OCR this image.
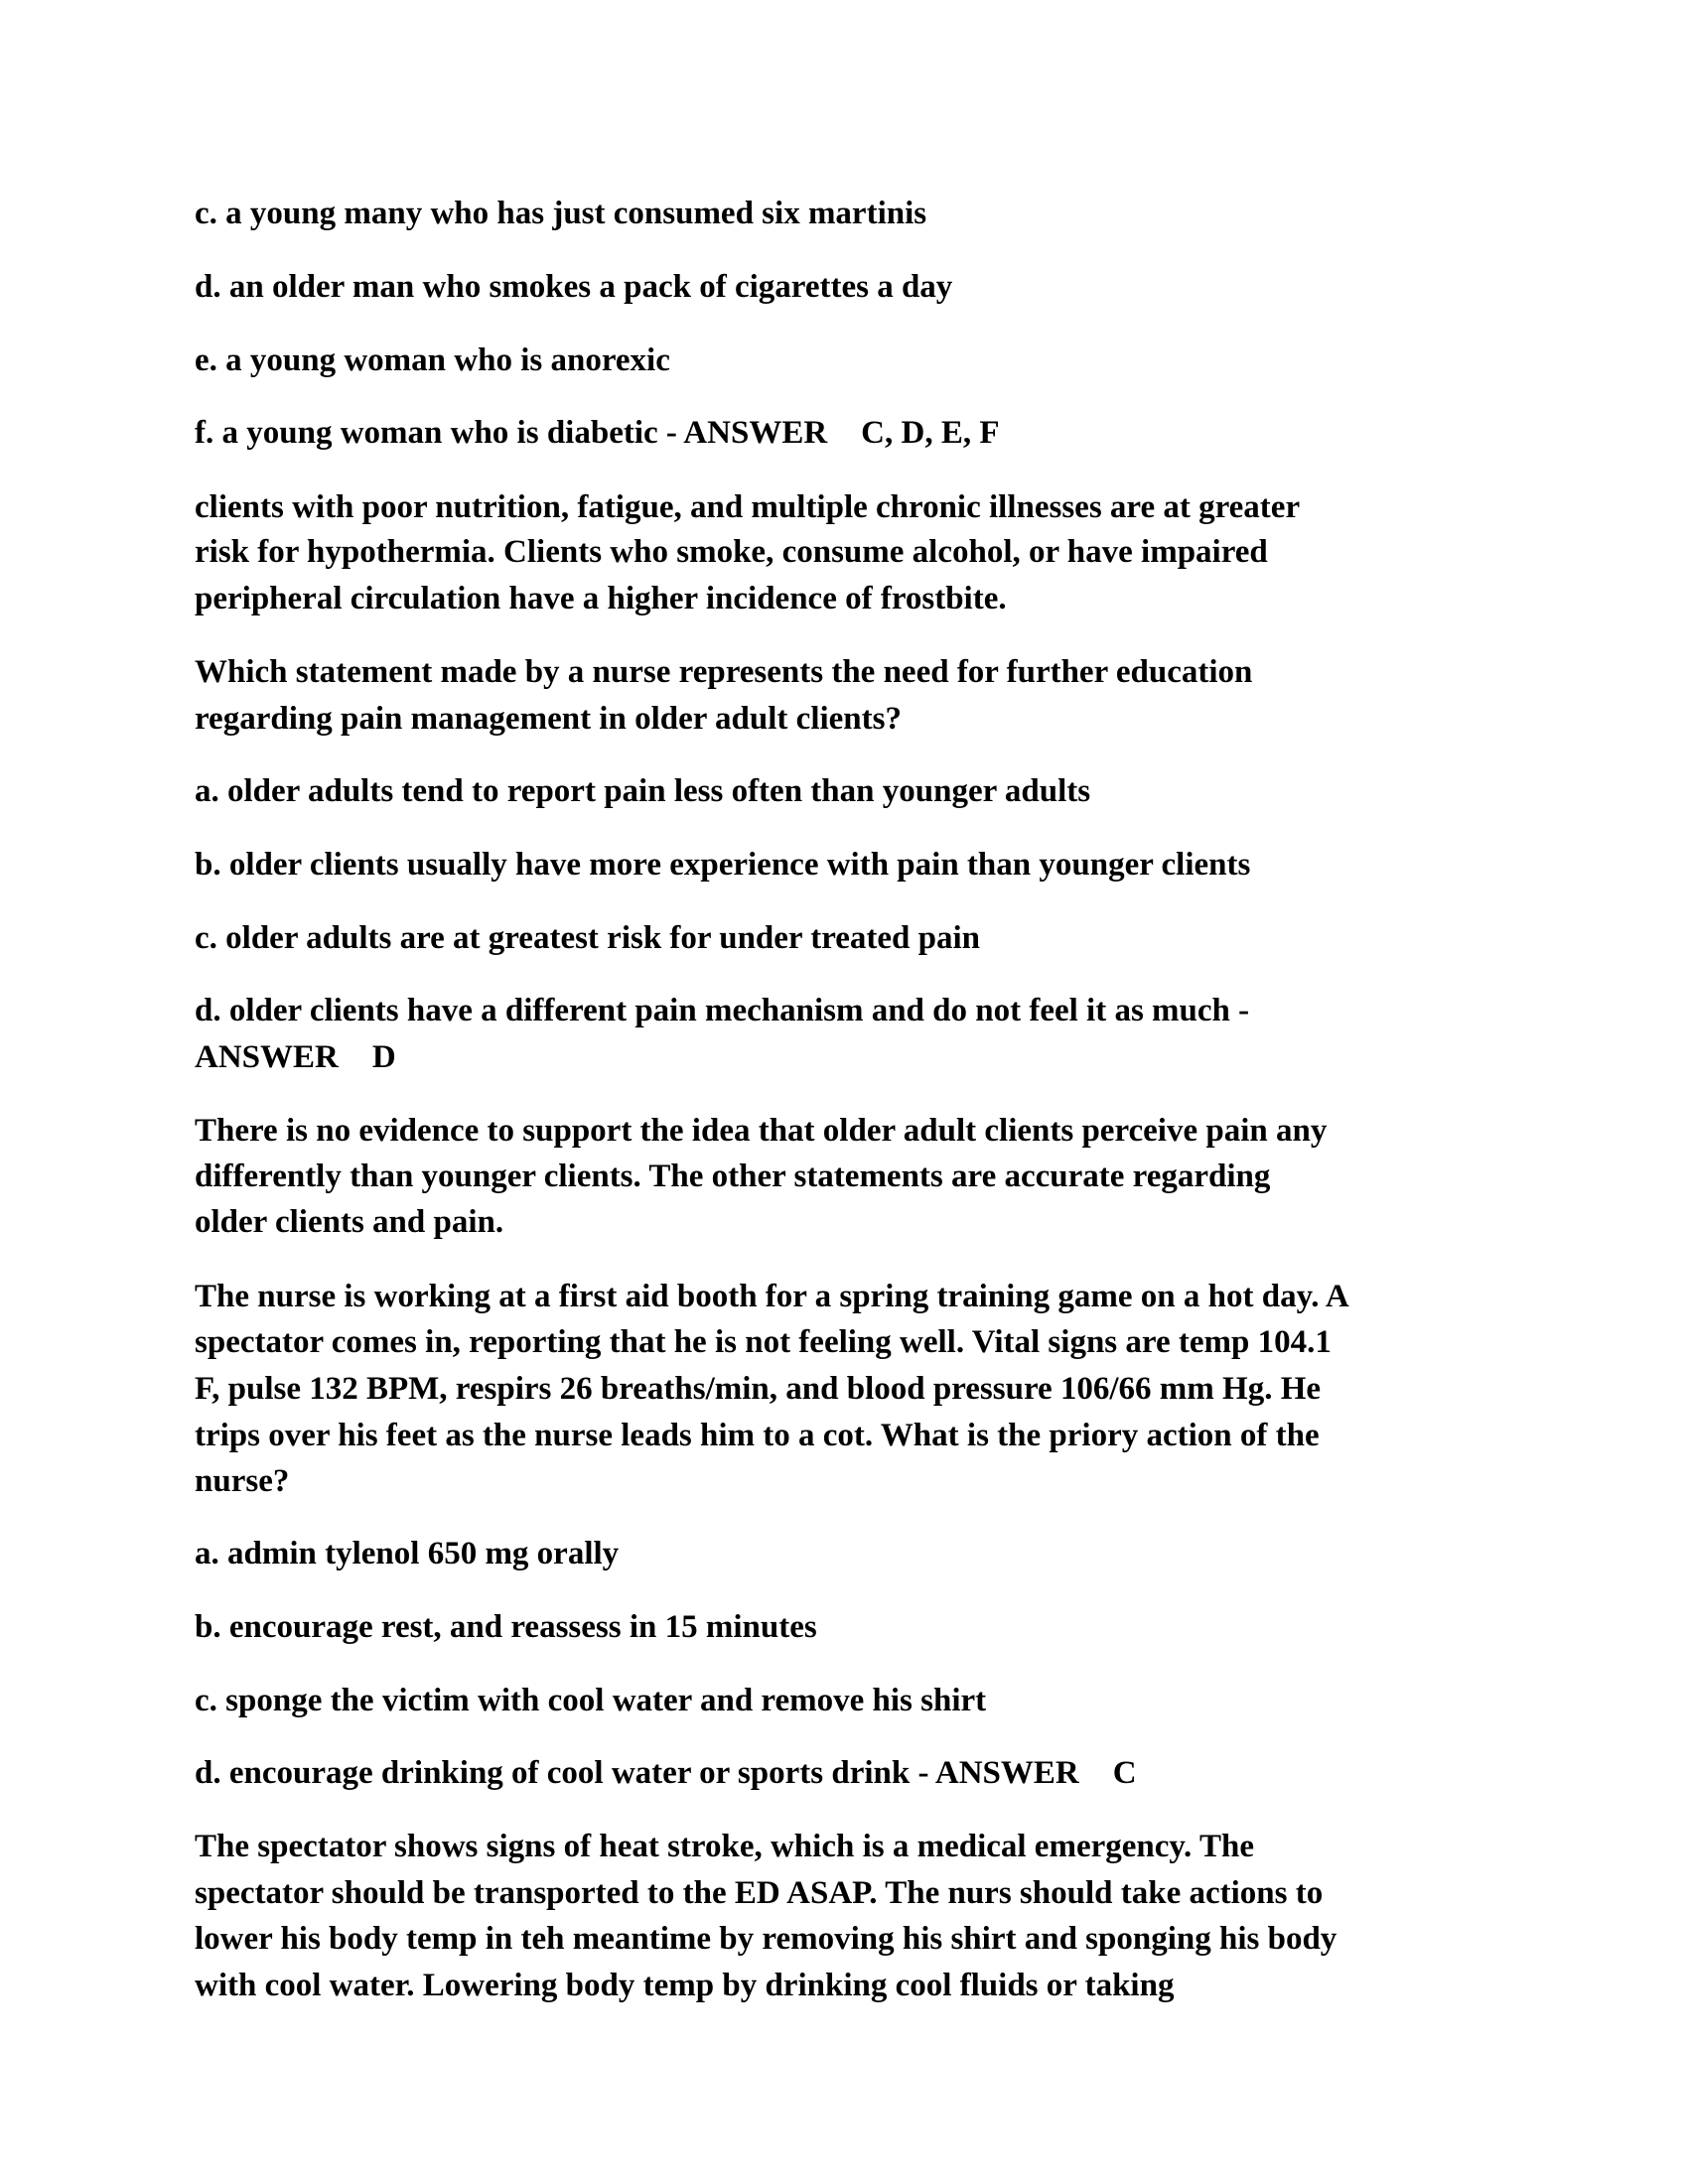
c. a young many who has just consumed six martinis
d. an older man who smokes a pack of cigarettes a day
e. a young woman who is anorexic
f. a young woman who is diabetic - ANSWER C, D, E, F
clients with poor nutrition, fatigue, and multiple chronic illnesses are at greater
risk for hypothermia. Clients who smoke, consume alcohol, or have impaired
peripheral circulation have a higher incidence of frostbite.
Which statement made by a nurse represents the need for further education
regarding pain management in older adult clients?
a. older adults tend to report pain less often than younger adults
b. older clients usually have more experience with pain than younger clients
c. older adults are at greatest risk for under treated pain
d. older clients have a different pain mechanism and do not feel it as much -
ANSWER D
There is no evidence to support the idea that older adult clients perceive pain any
differently than younger clients. The other statements are accurate regarding
older clients and pain.
The nurse is working at a first aid booth for a spring training game on a hot day. A
spectator comes in, reporting that he is not feeling well. Vital signs are temp 104.1
F, pulse 132 BPM, respirs 26 breaths/min, and blood pressure 106/66 mm Hg. He
trips over his feet as the nurse leads him to a cot. What is the priory action of the
nurse?
a. admin tylenol 650 mg orally
b. encourage rest, and reassess in 15 minutes
c. sponge the victim with cool water and remove his shirt
d. encourage drinking of cool water or sports drink - ANSWER C
The spectator shows signs of heat stroke, which is a medical emergency. The
spectator should be transported to the ED ASAP. The nurs should take actions to
lower his body temp in teh meantime by removing his shirt and sponging his body
with cool water. Lowering body temp by drinking cool fluids or taking
